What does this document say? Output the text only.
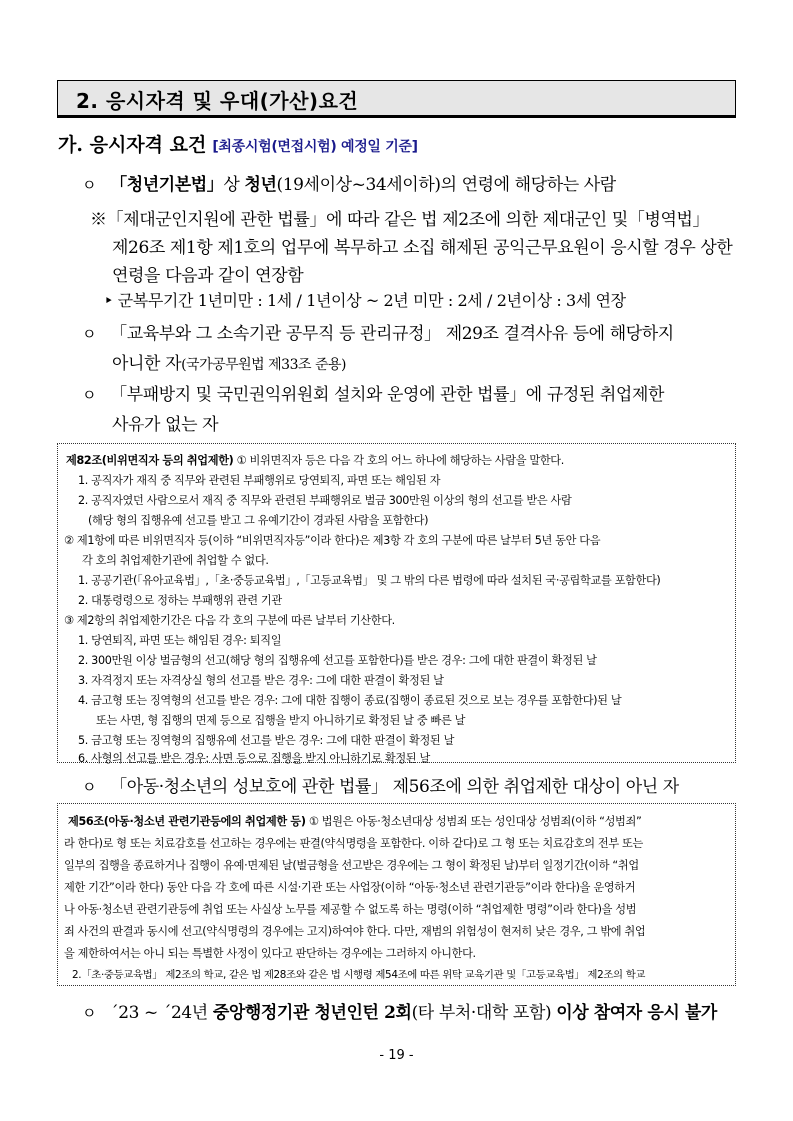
2. 응시자격 및 우대(가산)요건
가. 응시자격 요건 [최종시험(면접시험) 예정일 기준]
ㅇ 「청년기본법」상 청년(19세이상~34세이하)의 연령에 해당하는 사람
※「제대군인지원에 관한 법률」에 따라 같은 법 제2조에 의한 제대군인 및「병역법」
제26조 제1항 제1호의 업무에 복무하고 소집 해제된 공익근무요원이 응시할 경우 상한
연령을 다음과 같이 연장함
‣ 군복무기간 1년미만 : 1세 / 1년이상 ~ 2년 미만 : 2세 / 2년이상 : 3세 연장
ㅇ 「교육부와 그 소속기관 공무직 등 관리규정」 제29조 결격사유 등에 해당하지
아니한 자(국가공무원법 제33조 준용)
ㅇ 「부패방지 및 국민권익위원회 설치와 운영에 관한 법률」에 규정된 취업제한
사유가 없는 자
제82조(비위면직자 등의 취업제한) ① 비위면직자 등은 다음 각 호의 어느 하나에 해당하는 사람을 말한다.
1. 공직자가 재직 중 직무와 관련된 부패행위로 당연퇴직, 파면 또는 해임된 자
2. 공직자였던 사람으로서 재직 중 직무와 관련된 부패행위로 벌금 300만원 이상의 형의 선고를 받은 사람
(해당 형의 집행유예 선고를 받고 그 유예기간이 경과된 사람을 포함한다)
② 제1항에 따른 비위면직자 등(이하 “비위면직자등”이라 한다)은 제3항 각 호의 구분에 따른 날부터 5년 동안 다음
각 호의 취업제한기관에 취업할 수 없다.
1. 공공기관(「유아교육법」,「초·중등교육법」,「고등교육법」 및 그 밖의 다른 법령에 따라 설치된 국·공립학교를 포함한다)
2. 대통령령으로 정하는 부패행위 관련 기관
③ 제2항의 취업제한기간은 다음 각 호의 구분에 따른 날부터 기산한다.
1. 당연퇴직, 파면 또는 해임된 경우: 퇴직일
2. 300만원 이상 벌금형의 선고(해당 형의 집행유예 선고를 포함한다)를 받은 경우: 그에 대한 판결이 확정된 날
3. 자격정지 또는 자격상실 형의 선고를 받은 경우: 그에 대한 판결이 확정된 날
4. 금고형 또는 징역형의 선고를 받은 경우: 그에 대한 집행이 종료(집행이 종료된 것으로 보는 경우를 포함한다)된 날
또는 사면, 형 집행의 면제 등으로 집행을 받지 아니하기로 확정된 날 중 빠른 날
5. 금고형 또는 징역형의 집행유예 선고를 받은 경우: 그에 대한 판결이 확정된 날
6. 사형의 선고를 받은 경우: 사면 등으로 집행을 받지 아니하기로 확정된 날
ㅇ 「아동·청소년의 성보호에 관한 법률」 제56조에 의한 취업제한 대상이 아닌 자
제56조(아동·청소년 관련기관등에의 취업제한 등) ① 법원은 아동·청소년대상 성범죄 또는 성인대상 성범죄(이하 “성범죄”
라 한다)로 형 또는 치료감호를 선고하는 경우에는 판결(약식명령을 포함한다. 이하 같다)로 그 형 또는 치료감호의 전부 또는
일부의 집행을 종료하거나 집행이 유예·면제된 날(벌금형을 선고받은 경우에는 그 형이 확정된 날)부터 일정기간(이하 “취업
제한 기간”이라 한다) 동안 다음 각 호에 따른 시설·기관 또는 사업장(이하 “아동·청소년 관련기관등”이라 한다)을 운영하거
나 아동·청소년 관련기관등에 취업 또는 사실상 노무를 제공할 수 없도록 하는 명령(이하 “취업제한 명령”이라 한다)을 성범
죄 사건의 판결과 동시에 선고(약식명령의 경우에는 고지)하여야 한다. 다만, 재범의 위험성이 현저히 낮은 경우, 그 밖에 취업
을 제한하여서는 아니 되는 특별한 사정이 있다고 판단하는 경우에는 그러하지 아니한다.
2.「초·중등교육법」 제2조의 학교, 같은 법 제28조와 같은 법 시행령 제54조에 따른 위탁 교육기관 및「고등교육법」 제2조의 학교
ㅇ ´23 ~ ´24년 중앙행정기관 청년인턴 2회(타 부처·대학 포함) 이상 참여자 응시 불가
- 19 -
